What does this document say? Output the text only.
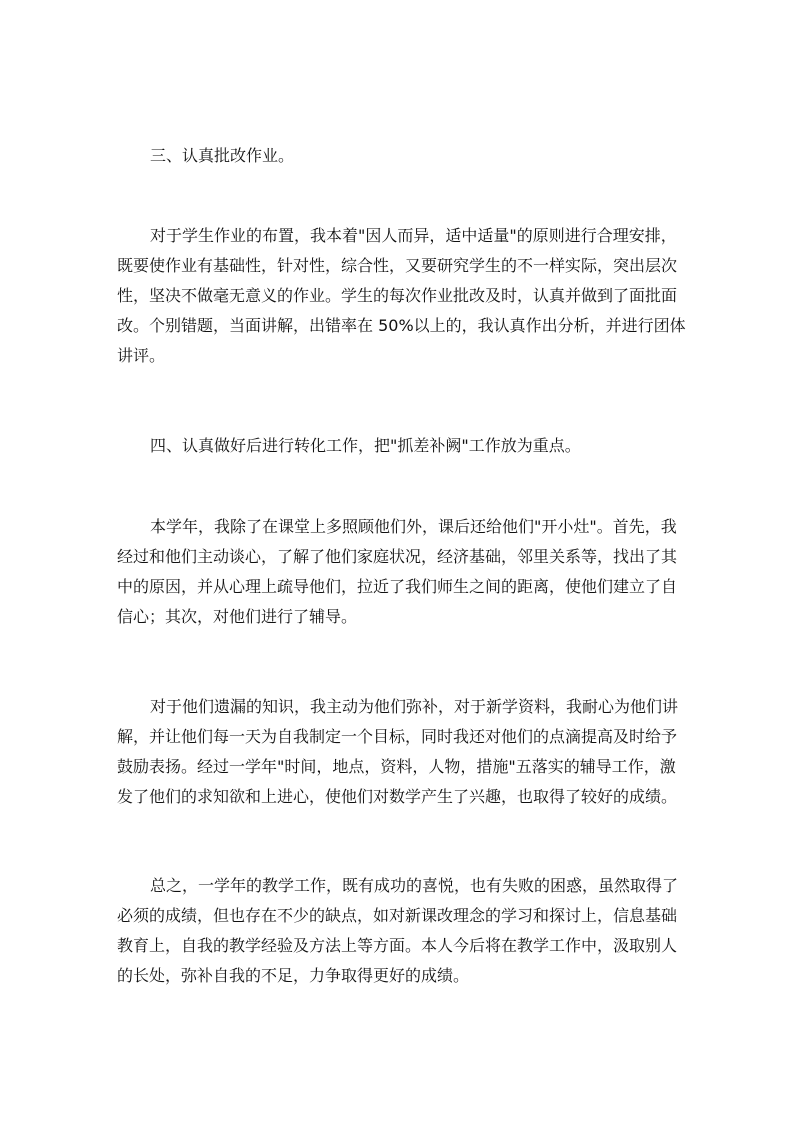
三、认真批改作业。

对于学生作业的布置，我本着"因人而异，适中适量"的原则进行合理安排，
既要使作业有基础性，针对性，综合性，又要研究学生的不一样实际，突出层次
性，坚决不做毫无意义的作业。学生的每次作业批改及时，认真并做到了面批面
改。个别错题，当面讲解，出错率在 50%以上的，我认真作出分析，并进行团体
讲评。

四、认真做好后进行转化工作，把"抓差补阙"工作放为重点。

本学年，我除了在课堂上多照顾他们外，课后还给他们"开小灶"。首先，我
经过和他们主动谈心，了解了他们家庭状况，经济基础，邻里关系等，找出了其
中的原因，并从心理上疏导他们，拉近了我们师生之间的距离，使他们建立了自
信心；其次，对他们进行了辅导。
对于他们遗漏的知识，我主动为他们弥补，对于新学资料，我耐心为他们讲
解，并让他们每一天为自我制定一个目标，同时我还对他们的点滴提高及时给予
鼓励表扬。经过一学年"时间，地点，资料，人物，措施"五落实的辅导工作，激
发了他们的求知欲和上进心，使他们对数学产生了兴趣，也取得了较好的成绩。
总之，一学年的教学工作，既有成功的喜悦，也有失败的困惑，虽然取得了
必须的成绩，但也存在不少的缺点，如对新课改理念的学习和探讨上，信息基础
教育上，自我的教学经验及方法上等方面。本人今后将在教学工作中，汲取别人
的长处，弥补自我的不足，力争取得更好的成绩。
